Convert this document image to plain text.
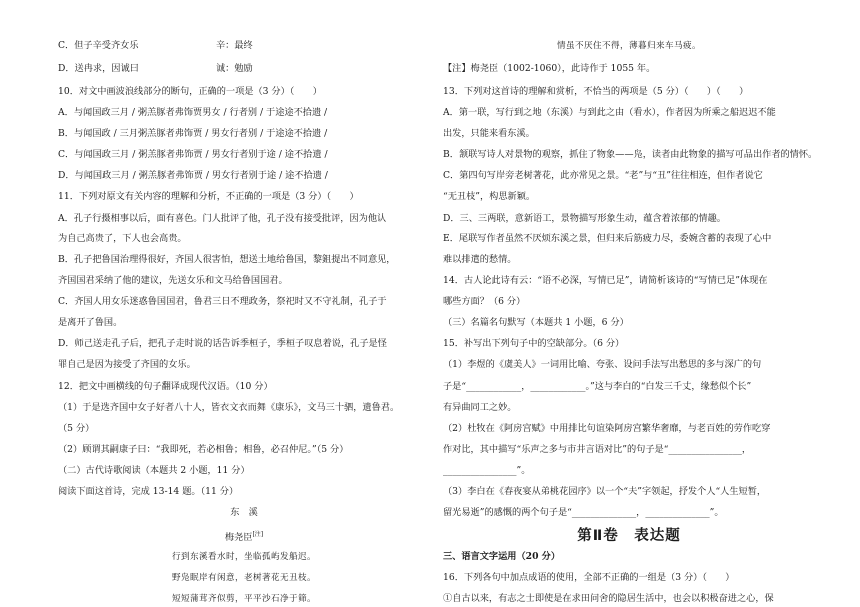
C．但子辛受齐女乐	辛：最终
D．送冉求，因诚曰	诚：勉励
10．对文中画波浪线部分的断句，正确的一项是（3 分）（　　）
A．与闻国政三月 / 粥羔豚者弗饰贾男女 / 行者别 / 于途途不拾遗 /
B．与闻国政 / 三月粥羔豚者弗饰贾 / 男女行者别 / 于途途不拾遗 /
C．与闻国政三月 / 粥羔豚者弗饰贾 / 男女行者别于途 / 途不拾遗 /
D．与闻国政三月 / 粥羔豚者弗饰贾 / 男女行者别于途 / 途不拾遗 /
11．下列对原文有关内容的理解和分析，不正确的一项是（3 分）（　　）
A．孔子行摄相事以后，面有喜色。门人批评了他，孔子没有接受批评，因为他认
为自己高贵了，下人也会高贵。
B．孔子把鲁国治理得很好，齐国人很害怕，想送土地给鲁国，黎鉏提出不同意见，
齐国国君采纳了他的建议，先送女乐和文马给鲁国国君。
C．齐国人用女乐迷惑鲁国国君，鲁君三日不理政务，祭祀时又不守礼制，孔子于
是离开了鲁国。
D．师己送走孔子后，把孔子走时说的话告诉季桓子，季桓子叹息着说，孔子是怪
罪自己是因为接受了齐国的女乐。
12．把文中画横线的句子翻译成现代汉语。（10 分）
（1）于是选齐国中女子好者八十人，皆衣文衣而舞《康乐》，文马三十驷，遗鲁君。
（5 分）
（2）顾谓其嗣康子曰：“我即死，若必相鲁；相鲁，必召仲尼。”（5 分）
（二）古代诗歌阅读（本题共 2 小题，11 分）
阅读下面这首诗，完成 13-14 题。（11 分）
东　溪
梅尧臣[注]
行到东溪看水时，坐临孤屿发船迟。
野凫眠岸有闲意，老树著花无丑枝。
短短蒲茸齐似剪，平平沙石净于筛。
情虽不厌住不得，薄暮归来车马疲。
【注】梅尧臣（1002-1060），此诗作于 1055 年。
13．下列对这首诗的理解和赏析，不恰当的两项是（5 分）（　　）（　　）
A．第一联，写行到之地（东溪）与到此之由（看水），作者因为所乘之船迟迟不能
出发，只能来看东溪。
B．颔联写诗人对景物的观察，抓住了物象——凫，读者由此物象的描写可品出作者的情怀。
C．第四句写岸旁老树著花，此亦常见之景。“老”与“丑”往往相连，但作者说它
“无丑枝”，构思新颖。
D．三、三两联，意新语工，景物描写形象生动，蕴含着浓郁的情趣。
E．尾联写作者虽然不厌烦东溪之景，但归来后筋疲力尽，委婉含蓄的表现了心中
难以排遣的愁情。
14．古人论此诗有云：“语不必深，写情已足”，请简析该诗的“写情已足”体现在
哪些方面？（6 分）
（三）名篇名句默写（本题共 1 小题，6 分）
15．补写出下列句子中的空缺部分。（6 分）
（1）李煜的《虞美人》一词用比喻、夸张、设问手法写出愁思的多与深广的句
子是“____________，____________。”这与李白的“白发三千丈，缘愁似个长”
有异曲同工之妙。
（2）杜牧在《阿房宫赋》中用排比句谊染阿房宫繁华奢靡，与老百姓的劳作吃穿
作对比，其中描写“乐声之多与市井言语对比”的句子是“________________，
________________”。
（3）李白在《春夜宴从弟桃花园序》以一个“夫”字领起，抒发个人“人生短暂，
留光易逝”的感慨的两个句子是“______________，______________”。
第Ⅱ卷　表达题
三、语言文字运用（20 分）
16．下列各句中加点成语的使用，全部不正确的一组是（3 分）（　　）
①自古以来，有志之士即使是在求田问舍的隐居生活中，也会以积极奋进之心，保
